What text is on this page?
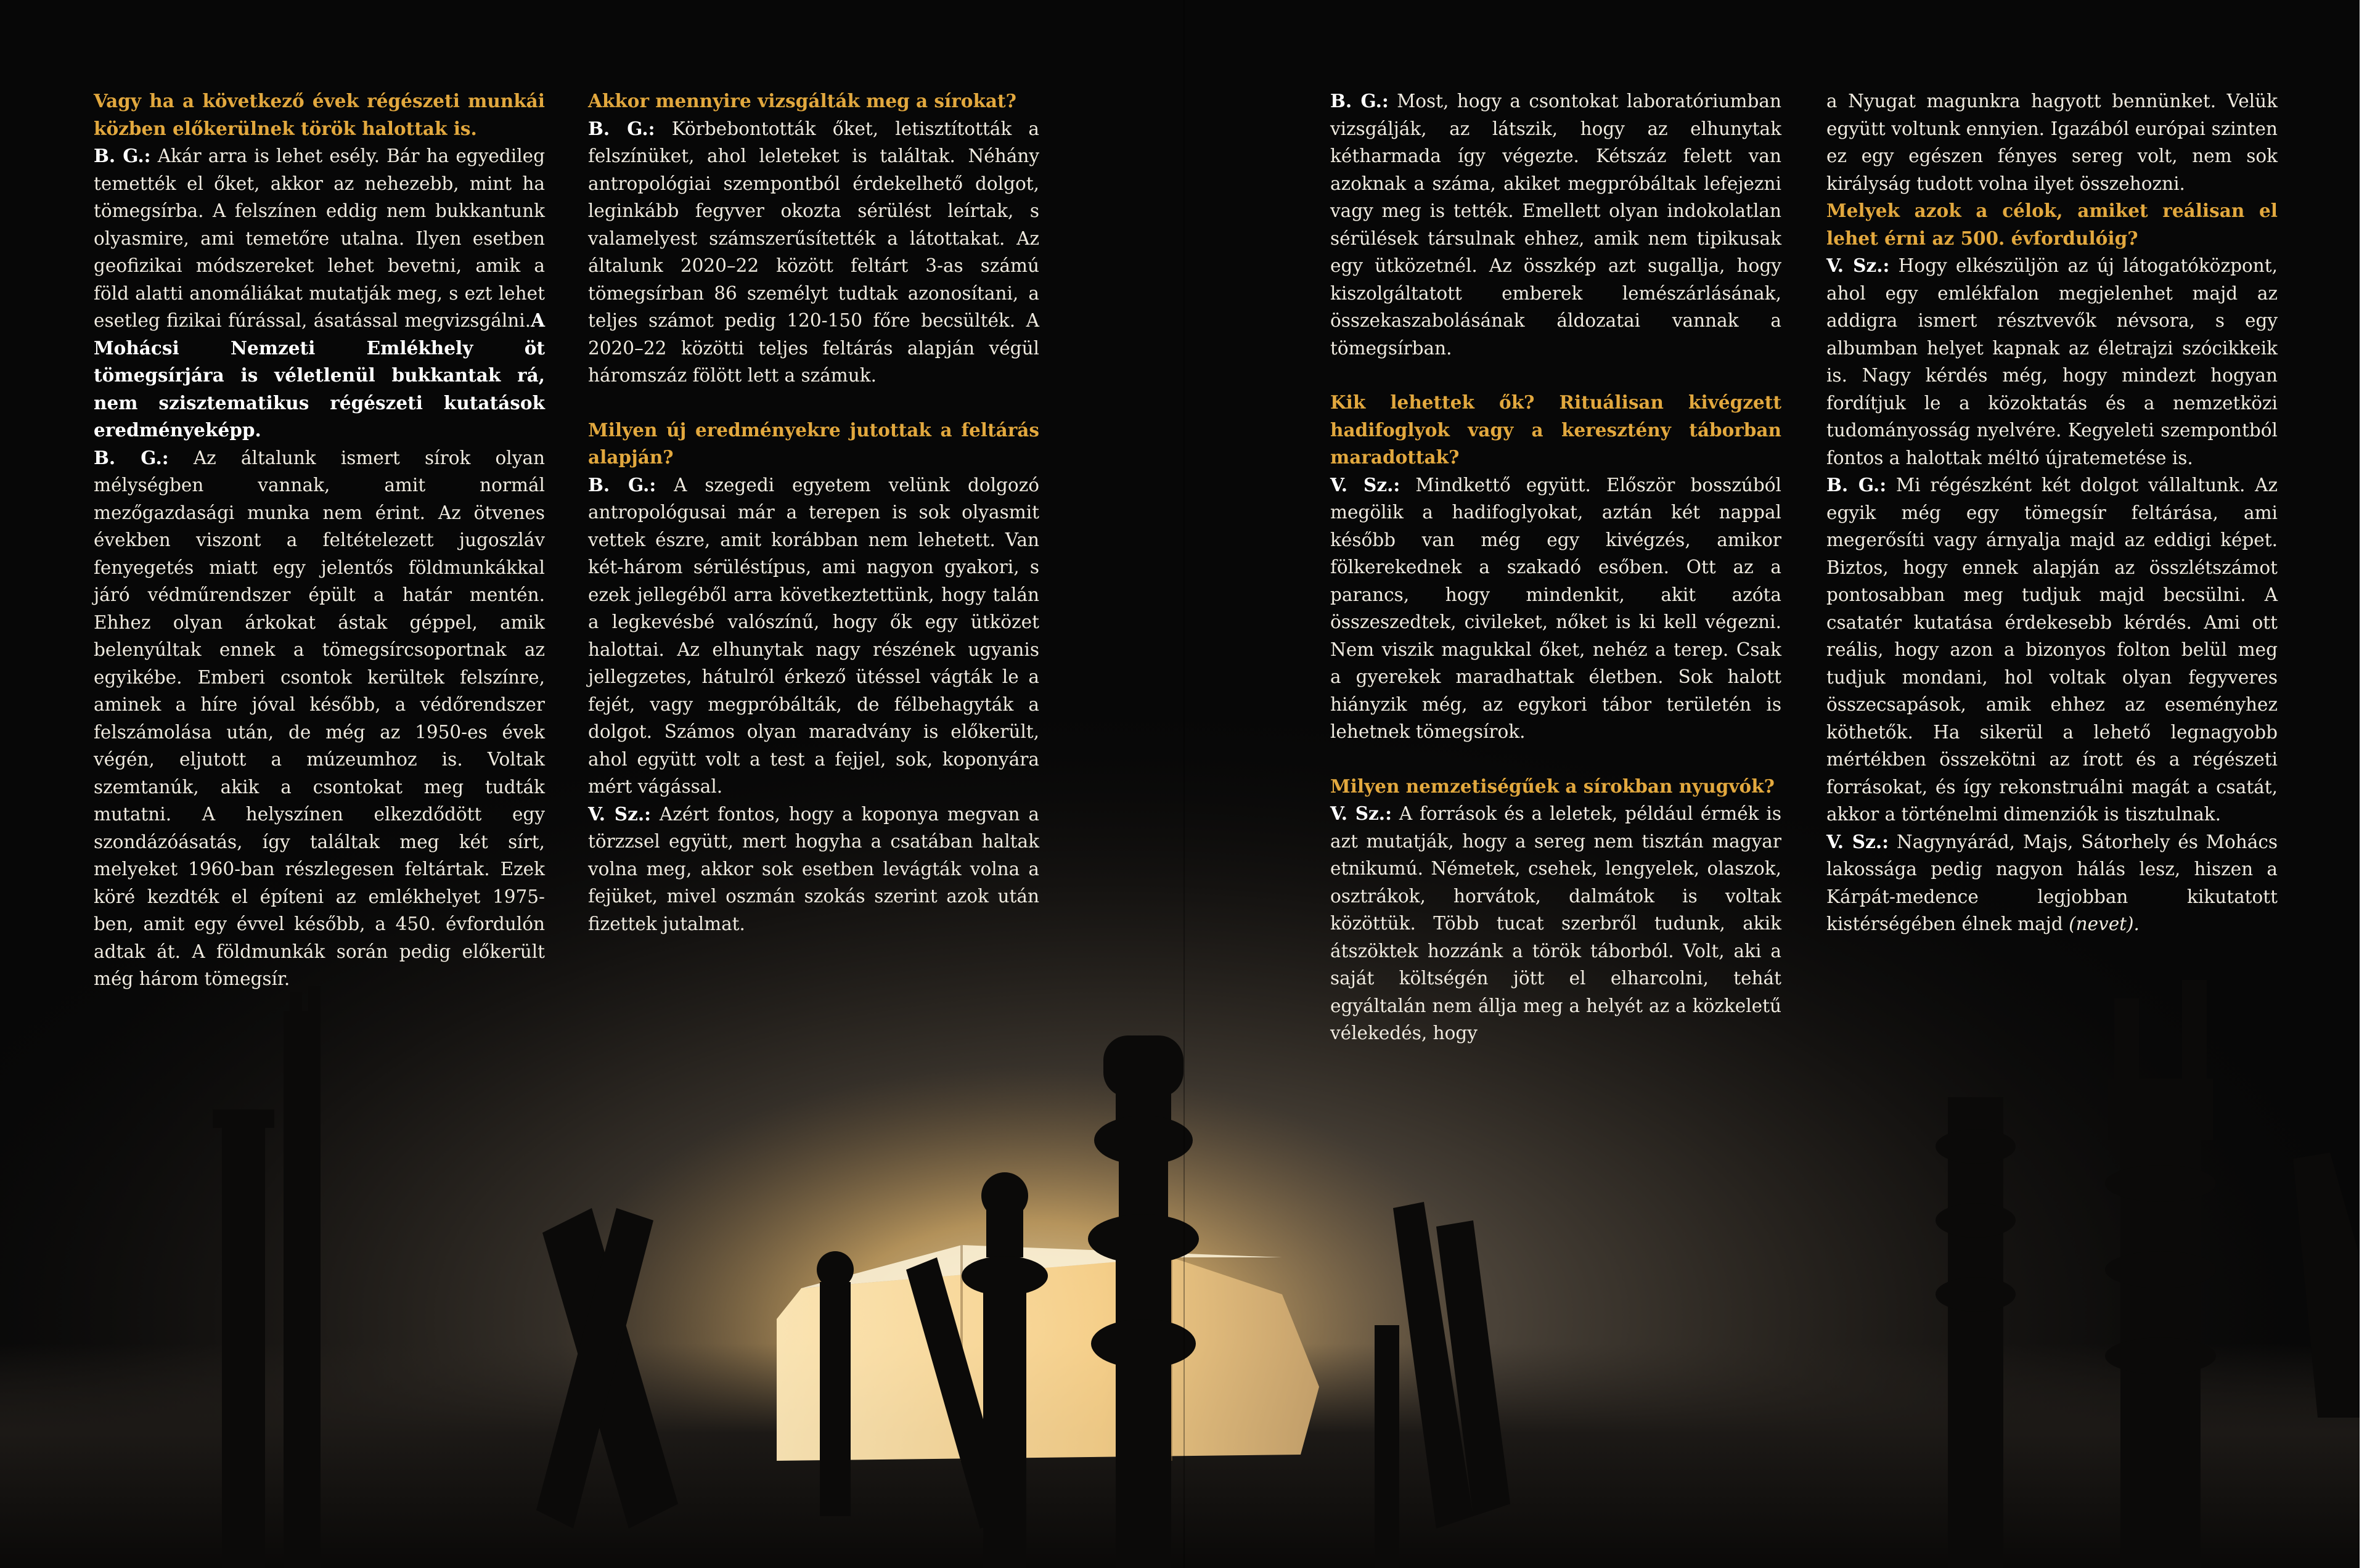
Vagy ha a következő évek régészeti munkái közben előkerülnek török halottak is.

B. G.: Akár arra is lehet esély. Bár ha egyedileg temették el őket, akkor az nehezebb, mint ha tömegsírba. A felszínen eddig nem bukkantunk olyasmire, ami temetőre utalna. Ilyen esetben geofizikai módszereket lehet bevetni, amik a föld alatti anomáliákat mutatják meg, s ezt lehet esetleg fizikai fúrással, ásatással megvizsgálni.A Mohácsi Nemzeti Emlékhely öt tömegsírjára is véletlenül bukkantak rá, nem szisztematikus régészeti kutatások eredményeképp.

B. G.: Az általunk ismert sírok olyan mélységben vannak, amit normál mezőgazdasági munka nem érint. Az ötvenes években viszont a feltételezett jugoszláv fenyegetés miatt egy jelentős földmunkákkal járó védműrendszer épült a határ mentén. Ehhez olyan árkokat ástak géppel, amik belenyúltak ennek a tömegsírcsoportnak az egyikébe. Emberi csontok kerültek felszínre, aminek a híre jóval később, a védőrendszer felszámolása után, de még az 1950-es évek végén, eljutott a múzeumhoz is. Voltak szemtanúk, akik a csontokat meg tudták mutatni. A helyszínen elkezdődött egy szondázóásatás, így találtak meg két sírt, melyeket 1960-ban részlegesen feltártak. Ezek köré kezdték el építeni az emlékhelyet 1975-ben, amit egy évvel később, a 450. évfordulón adtak át. A földmunkák során pedig előkerült még három tömegsír.

Akkor mennyire vizsgálták meg a sírokat?

B. G.: Körbebontották őket, letisztították a felszínüket, ahol leleteket is találtak. Néhány antropológiai szempontból érdekelhető dolgot, leginkább fegyver okozta sérülést leírtak, s valamelyest számszerűsítették a látottakat. Az általunk 2020–22 között feltárt 3-as számú tömegsírban 86 személyt tudtak azonosítani, a teljes számot pedig 120-150 főre becsülték. A 2020–22 közötti teljes feltárás alapján végül háromszáz fölött lett a számuk.

Milyen új eredményekre jutottak a feltárás alapján?

B. G.: A szegedi egyetem velünk dolgozó antropológusai már a terepen is sok olyasmit vettek észre, amit korábban nem lehetett. Van két-három sérüléstípus, ami nagyon gyakori, s ezek jellegéből arra következtettünk, hogy talán a legkevésbé valószínű, hogy ők egy ütközet halottai. Az elhunytak nagy részének ugyanis jellegzetes, hátulról érkező ütéssel vágták le a fejét, vagy megpróbálták, de félbehagyták a dolgot. Számos olyan maradvány is előkerült, ahol együtt volt a test a fejjel, sok, koponyára mért vágással.

V. Sz.: Azért fontos, hogy a koponya megvan a törzzsel együtt, mert hogyha a csatában haltak volna meg, akkor sok esetben levágták volna a fejüket, mivel oszmán szokás szerint azok után fizettek jutalmat.

B. G.: Most, hogy a csontokat laboratóriumban vizsgálják, az látszik, hogy az elhunytak kétharmada így végezte. Kétszáz felett van azoknak a száma, akiket megpróbáltak lefejezni vagy meg is tették. Emellett olyan indokolatlan sérülések társulnak ehhez, amik nem tipikusak egy ütközetnél. Az összkép azt sugallja, hogy kiszolgáltatott emberek lemészárlásának, összekaszabolásának áldozatai vannak a tömegsírban.

Kik lehettek ők? Rituálisan kivégzett hadifoglyok vagy a keresztény táborban maradottak?

V. Sz.: Mindkettő együtt. Először bosszúból megölik a hadifoglyokat, aztán két nappal később van még egy kivégzés, amikor fölkerekednek a szakadó esőben. Ott az a parancs, hogy mindenkit, akit azóta összeszedtek, civileket, nőket is ki kell végezni. Nem viszik magukkal őket, nehéz a terep. Csak a gyerekek maradhattak életben. Sok halott hiányzik még, az egykori tábor területén is lehetnek tömegsírok.

Milyen nemzetiségűek a sírokban nyugvók?

V. Sz.: A források és a leletek, például érmék is azt mutatják, hogy a sereg nem tisztán magyar etnikumú. Németek, csehek, lengyelek, olaszok, osztrákok, horvátok, dalmátok is voltak közöttük. Több tucat szerbről tudunk, akik átszöktek hozzánk a török táborból. Volt, aki a saját költségén jött el elharcolni, tehát egyáltalán nem állja meg a helyét az a közkeletű vélekedés, hogy

a Nyugat magunkra hagyott bennünket. Velük együtt voltunk ennyien. Igazából európai szinten ez egy egészen fényes sereg volt, nem sok királyság tudott volna ilyet összehozni.

Melyek azok a célok, amiket reálisan el lehet érni az 500. évfordulóig?

V. Sz.: Hogy elkészüljön az új látogatóközpont, ahol egy emlékfalon megjelenhet majd az addigra ismert résztvevők névsora, s egy albumban helyet kapnak az életrajzi szócikkeik is. Nagy kérdés még, hogy mindezt hogyan fordítjuk le a közoktatás és a nemzetközi tudományosság nyelvére. Kegyeleti szempontból fontos a halottak méltó újratemetése is.

B. G.: Mi régészként két dolgot vállaltunk. Az egyik még egy tömegsír feltárása, ami megerősíti vagy árnyalja majd az eddigi képet. Biztos, hogy ennek alapján az összlétszámot pontosabban meg tudjuk majd becsülni. A csatatér kutatása érdekesebb kérdés. Ami ott reális, hogy azon a bizonyos folton belül meg tudjuk mondani, hol voltak olyan fegyveres összecsapások, amik ehhez az eseményhez köthetők. Ha sikerül a lehető legnagyobb mértékben összekötni az írott és a régészeti forrásokat, és így rekonstruálni magát a csatát, akkor a történelmi dimenziók is tisztulnak.

V. Sz.: Nagynyárád, Majs, Sátorhely és Mohács lakossága pedig nagyon hálás lesz, hiszen a Kárpát-medence legjobban kikutatott kistérségében élnek majd (nevet).
